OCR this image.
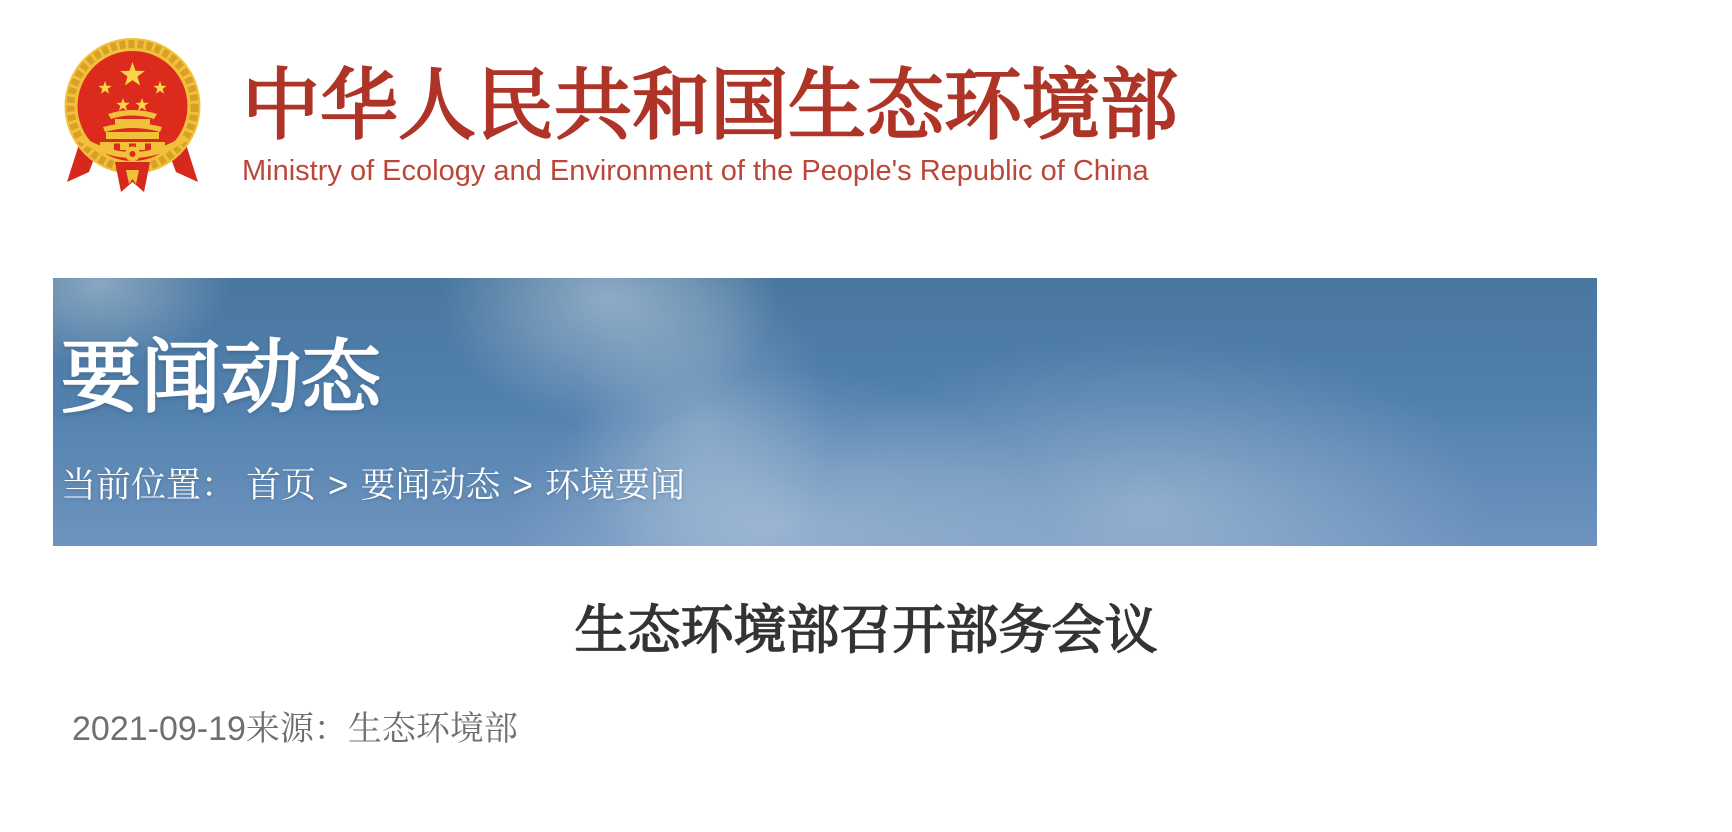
中华人民共和国生态环境部
Ministry of Ecology and Environment of the People's Republic of China
要闻动态
当前位置： 首页 > 要闻动态 > 环境要闻
生态环境部召开部务会议
2021-09-19来源：生态环境部
